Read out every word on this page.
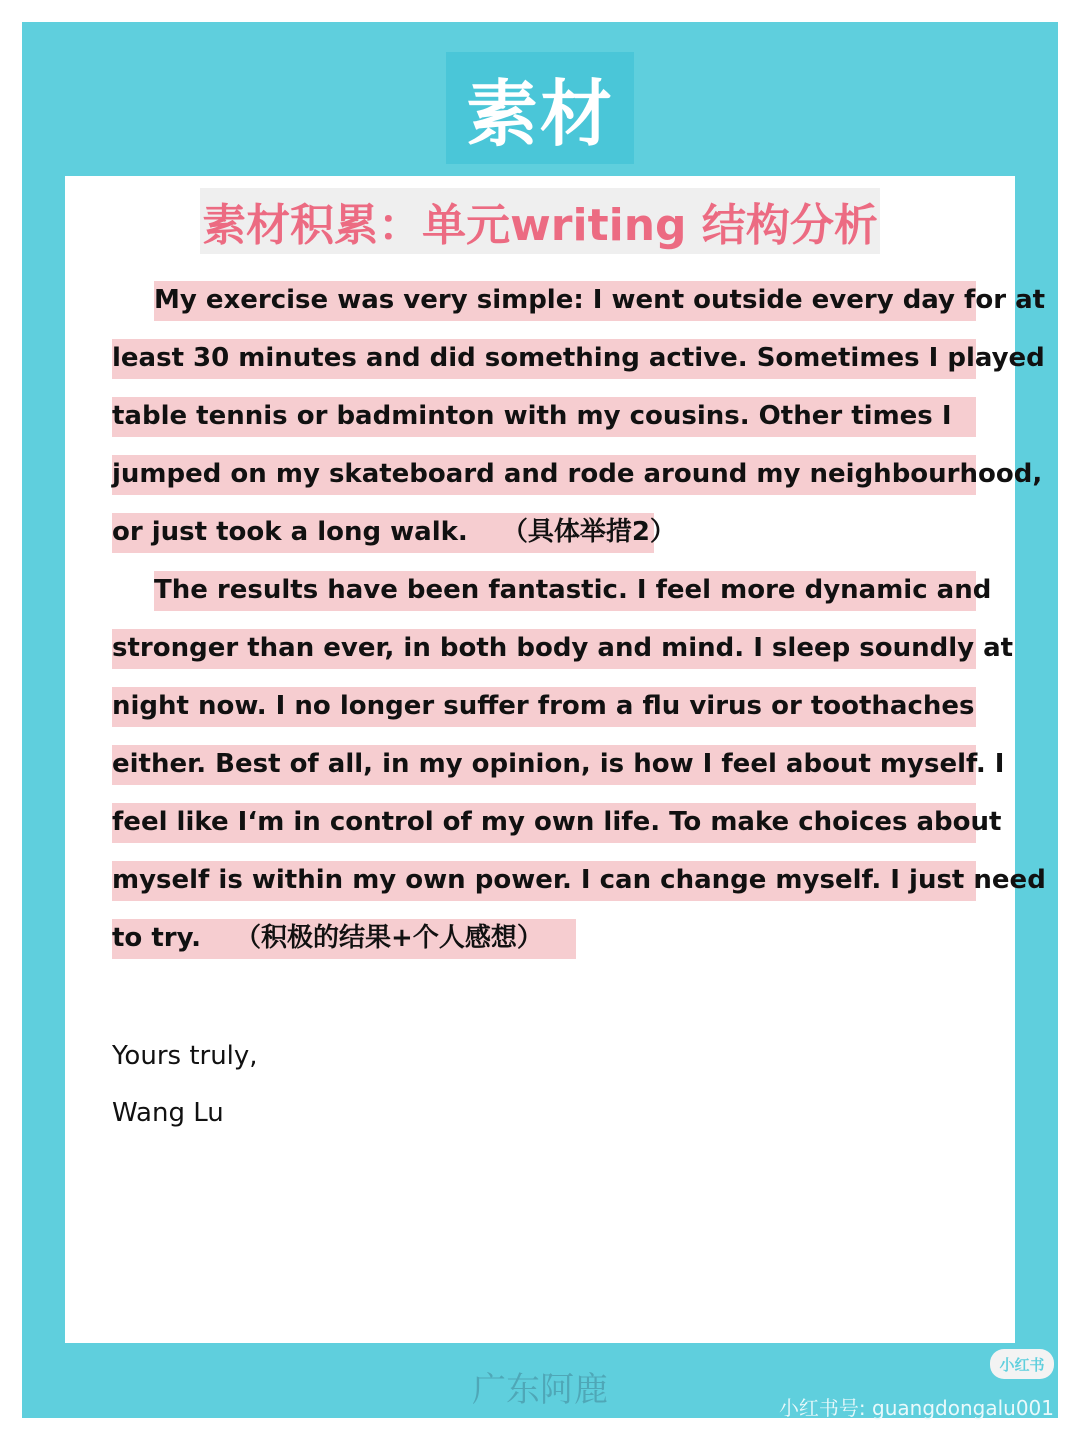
素材
素材积累：单元writing 结构分析
My exercise was very simple: I went outside every day for at
least 30 minutes and did something active. Sometimes I played
table tennis or badminton with my cousins. Other times I
jumped on my skateboard and rode around my neighbourhood,
or just took a long walk. （具体举措2）
The results have been fantastic. I feel more dynamic and
stronger than ever, in both body and mind. I sleep soundly at
night now. I no longer suffer from a flu virus or toothaches
either. Best of all, in my opinion, is how I feel about myself. I
feel like I‘m in control of my own life. To make choices about
myself is within my own power. I can change myself. I just need
to try. （积极的结果+个人感想）
Yours truly,
Wang Lu
广东阿鹿
小红书
小红书号: guangdongalu001
